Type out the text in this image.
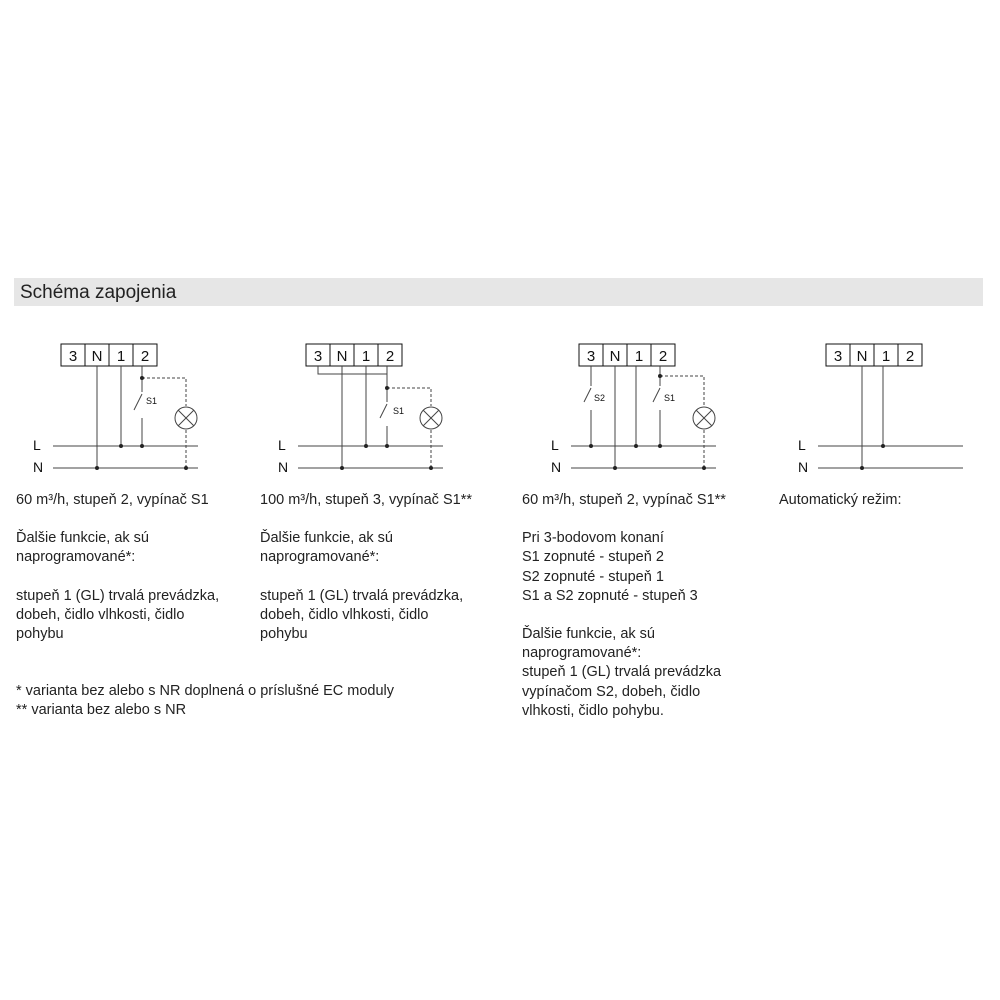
Schéma zapojenia
3 N 1 2
L
N
S1
3 N 1 2
L
N
S1
3 N 1 2
L
N
S2	S1
3 N 1 2
L
N

60 m³/h, stupeň 2, vypínač S1

Ďalšie funkcie, ak sú

naprogramované*:

stupeň 1 (GL) trvalá prevádzka,

dobeh, čidlo vlhkosti, čidlo

pohybu

100 m³/h, stupeň 3, vypínač S1**

Ďalšie funkcie, ak sú

naprogramované*:

stupeň 1 (GL) trvalá prevádzka,

dobeh, čidlo vlhkosti, čidlo

pohybu

60 m³/h, stupeň 2, vypínač S1**

Pri 3-bodovom konaní

S1 zopnuté - stupeň 2

S2 zopnuté - stupeň 1

S1 a S2 zopnuté - stupeň 3

Ďalšie funkcie, ak sú

naprogramované*:

stupeň 1 (GL) trvalá prevádzka

vypínačom S2, dobeh, čidlo

vlhkosti, čidlo pohybu.

Automatický režim:

* varianta bez alebo s NR doplnená o príslušné EC moduly

** varianta bez alebo s NR
